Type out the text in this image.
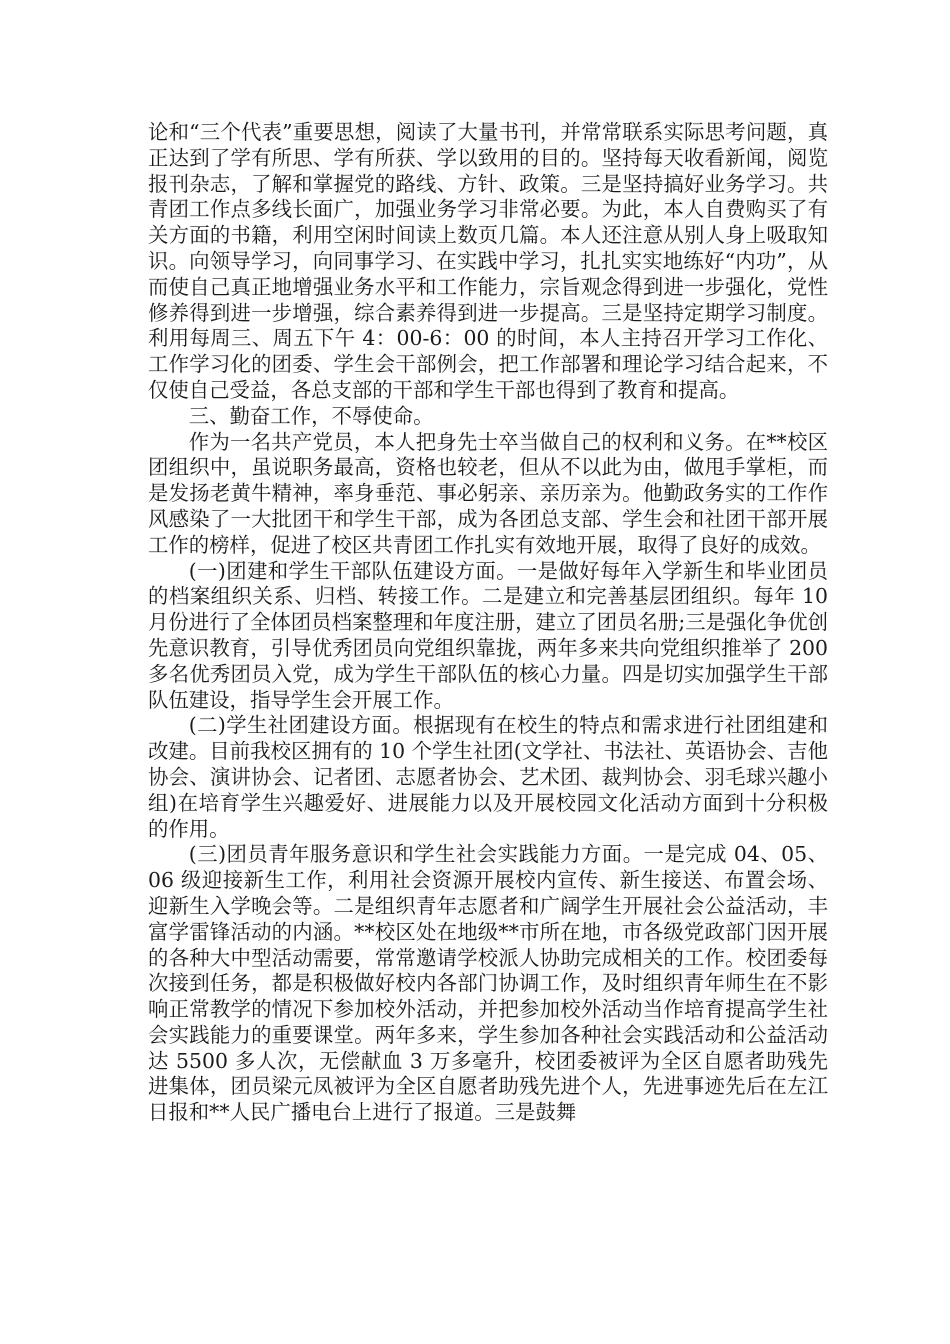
论和“三个代表”重要思想，阅读了大量书刊，并常常联系实际思考问题，真正达到了学有所思、学有所获、学以致用的目的。坚持每天收看新闻，阅览报刊杂志，了解和掌握党的路线、方针、政策。三是坚持搞好业务学习。共青团工作点多线长面广，加强业务学习非常必要。为此，本人自费购买了有关方面的书籍，利用空闲时间读上数页几篇。本人还注意从别人身上吸取知识。向领导学习，向同事学习、在实践中学习，扎扎实实地练好“内功”，从而使自己真正地增强业务水平和工作能力，宗旨观念得到进一步强化，党性修养得到进一步增强，综合素养得到进一步提高。三是坚持定期学习制度。利用每周三、周五下午 4：00-6：00 的时间，本人主持召开学习工作化、工作学习化的团委、学生会干部例会，把工作部署和理论学习结合起来，不仅使自己受益，各总支部的干部和学生干部也得到了教育和提高。

三、勤奋工作，不辱使命。

作为一名共产党员，本人把身先士卒当做自己的权利和义务。在**校区团组织中，虽说职务最高，资格也较老，但从不以此为由，做甩手掌柜，而是发扬老黄牛精神，率身垂范、事必躬亲、亲历亲为。他勤政务实的工作作风感染了一大批团干和学生干部，成为各团总支部、学生会和社团干部开展工作的榜样，促进了校区共青团工作扎实有效地开展，取得了良好的成效。

(一)团建和学生干部队伍建设方面。一是做好每年入学新生和毕业团员的档案组织关系、归档、转接工作。二是建立和完善基层团组织。每年 10 月份进行了全体团员档案整理和年度注册，建立了团员名册;三是强化争优创先意识教育，引导优秀团员向党组织靠拢，两年多来共向党组织推举了 200 多名优秀团员入党，成为学生干部队伍的核心力量。四是切实加强学生干部队伍建设，指导学生会开展工作。

(二)学生社团建设方面。根据现有在校生的特点和需求进行社团组建和改建。目前我校区拥有的 10 个学生社团(文学社、书法社、英语协会、吉他协会、演讲协会、记者团、志愿者协会、艺术团、裁判协会、羽毛球兴趣小组)在培育学生兴趣爱好、进展能力以及开展校园文化活动方面到十分积极的作用。

(三)团员青年服务意识和学生社会实践能力方面。一是完成 04、05、06 级迎接新生工作，利用社会资源开展校内宣传、新生接送、布置会场、迎新生入学晚会等。二是组织青年志愿者和广阔学生开展社会公益活动，丰富学雷锋活动的内涵。**校区处在地级**市所在地，市各级党政部门因开展的各种大中型活动需要，常常邀请学校派人协助完成相关的工作。校团委每次接到任务，都是积极做好校内各部门协调工作，及时组织青年师生在不影响正常教学的情况下参加校外活动，并把参加校外活动当作培育提高学生社会实践能力的重要课堂。两年多来，学生参加各种社会实践活动和公益活动达 5500 多人次，无偿献血 3 万多毫升，校团委被评为全区自愿者助残先进集体，团员梁元凤被评为全区自愿者助残先进个人，先进事迹先后在左江日报和**人民广播电台上进行了报道。三是鼓舞
